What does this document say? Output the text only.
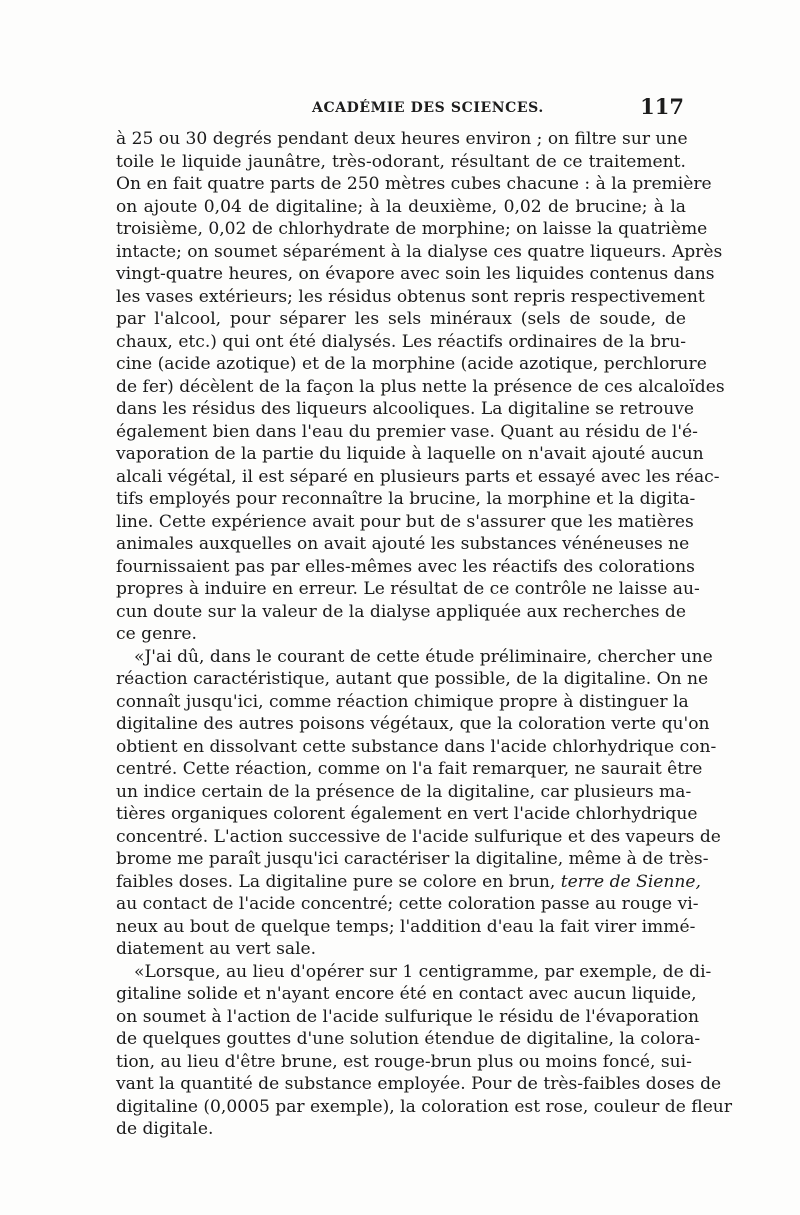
ACADÉMIE DES SCIENCES.	117
à 25 ou 30 degrés pendant deux heures environ ; on filtre sur une
toile le liquide jaunâtre, très-odorant, résultant de ce traitement.
On en fait quatre parts de 250 mètres cubes chacune : à la première
on ajoute 0,04 de digitaline; à la deuxième, 0,02 de brucine; à la
troisième, 0,02 de chlorhydrate de morphine; on laisse la quatrième
intacte; on soumet séparément à la dialyse ces quatre liqueurs. Après
vingt-quatre heures, on évapore avec soin les liquides contenus dans
les vases extérieurs; les résidus obtenus sont repris respectivement
par l'alcool, pour séparer les sels minéraux (sels de soude, de
chaux, etc.) qui ont été dialysés. Les réactifs ordinaires de la bru-
cine (acide azotique) et de la morphine (acide azotique, perchlorure
de fer) décèlent de la façon la plus nette la présence de ces alcaloïdes
dans les résidus des liqueurs alcooliques. La digitaline se retrouve
également bien dans l'eau du premier vase. Quant au résidu de l'é-
vaporation de la partie du liquide à laquelle on n'avait ajouté aucun
alcali végétal, il est séparé en plusieurs parts et essayé avec les réac-
tifs employés pour reconnaître la brucine, la morphine et la digita-
line. Cette expérience avait pour but de s'assurer que les matières
animales auxquelles on avait ajouté les substances vénéneuses ne
fournissaient pas par elles-mêmes avec les réactifs des colorations
propres à induire en erreur. Le résultat de ce contrôle ne laisse au-
cun doute sur la valeur de la dialyse appliquée aux recherches de
ce genre.
«J'ai dû, dans le courant de cette étude préliminaire, chercher une
réaction caractéristique, autant que possible, de la digitaline. On ne
connaît jusqu'ici, comme réaction chimique propre à distinguer la
digitaline des autres poisons végétaux, que la coloration verte qu'on
obtient en dissolvant cette substance dans l'acide chlorhydrique con-
centré. Cette réaction, comme on l'a fait remarquer, ne saurait être
un indice certain de la présence de la digitaline, car plusieurs ma-
tières organiques colorent également en vert l'acide chlorhydrique
concentré. L'action successive de l'acide sulfurique et des vapeurs de
brome me paraît jusqu'ici caractériser la digitaline, même à de très-
faibles doses. La digitaline pure se colore en brun, terre de Sienne,
au contact de l'acide concentré; cette coloration passe au rouge vi-
neux au bout de quelque temps; l'addition d'eau la fait virer immé-
diatement au vert sale.
«Lorsque, au lieu d'opérer sur 1 centigramme, par exemple, de di-
gitaline solide et n'ayant encore été en contact avec aucun liquide,
on soumet à l'action de l'acide sulfurique le résidu de l'évaporation
de quelques gouttes d'une solution étendue de digitaline, la colora-
tion, au lieu d'être brune, est rouge-brun plus ou moins foncé, sui-
vant la quantité de substance employée. Pour de très-faibles doses de
digitaline (0,0005 par exemple), la coloration est rose, couleur de fleur
de digitale.
